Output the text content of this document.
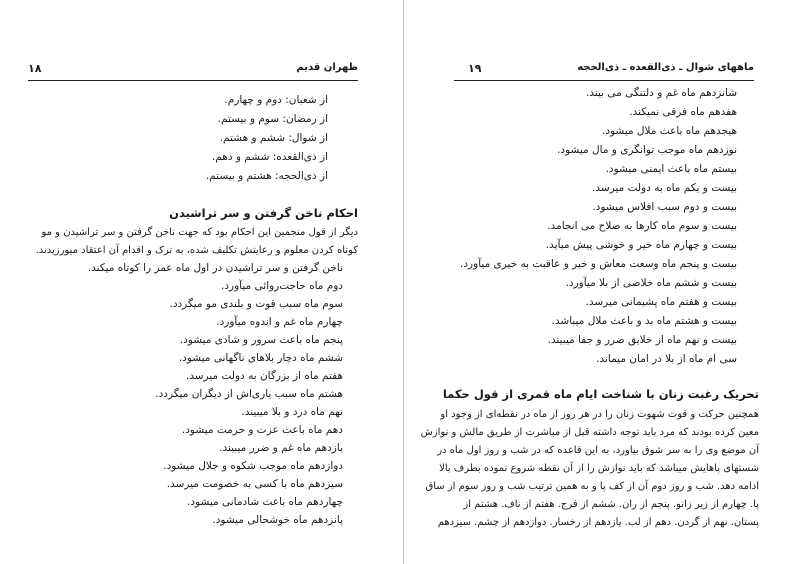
طهران قدیم
۱۸
از شعبان: دوم و چهارم.
از رمضان: سوم و بیستم.
از شوال: ششم و هشتم.
از ذی‌القعده: ششم و دهم.
از ذی‌الحجه: هشتم و بیستم.
احکام ناخن گرفتن و سر تراشیدن
دیگر از قول منجمین این احکام بود که جهت ناخن گرفتن و سر تراشیدن و مو
کوتاه کردن معلوم و رعایتش تکلیف شده، به ترک و اقدام آن اعتقاد میورزیدند.
ناخن گرفتن و سر تراشیدن در اول ماه عمر را کوتاه میکند.
دوم ماه حاجت‌روائی میآورد.
سوم ماه سبب قوت و بلندی مو میگردد.
چهارم ماه غم و اندوه میآورد.
پنجم ماه باعث سرور و شادی میشود.
ششم ماه دچار بلاهای ناگهانی میشود.
هفتم ماه از بزرگان به دولت میرسد.
هشتم ماه سبب یاری‌اش از دیگران میگردد.
نهم ماه درد و بلا میبیند.
دهم ماه باعث عزت و حرمت میشود.
یازدهم ماه غم و ضرر میبیند.
دوازدهم ماه موجب شکوه و جلال میشود.
سیزدهم ماه با کسی به خصومت میرسد.
چهاردهم ماه باعث شادمانی میشود.
پانزدهم ماه خوشحالی میشود.
ماههای شوال ـ ذی‌القعده ـ ذی‌الحجه
۱۹
شانزدهم ماه غم و دلتنگی می بیند.
هفدهم ماه فرقی نمیکند.
هیجدهم ماه باعث ملال میشود.
نوزدهم ماه موجب توانگری و مال میشود.
بیستم ماه باعث ایمنی میشود.
بیست و یکم ماه به دولت میرسد.
بیست و دوم سبب افلاس میشود.
بیست و سوم ماه کارها به صلاح می انجامد.
بیست و چهارم ماه خیر و خوشی پیش میآید.
بیست و پنجم ماه وسعت معاش و خیر و عاقبت به خیری میآورد.
بیست و ششم ماه خلاصی از بلا میآورد.
بیست و هفتم ماه پشیمانی میرسد.
بیست و هشتم ماه بد و باعث ملال میباشد.
بیست و نهم ماه از خلایق ضرر و جفا میبیند.
سی ام ماه از بلا در امان میماند.
تحریک رغبت زنان با شناخت ایام ماه قمری از قول حکما
همچنین حرکت و قوت شهوت زنان را در هر روز از ماه در نقطه‌ای از وجود او
معین کرده بودند که مرد باید توجه داشته قبل از مباشرت از طریق مالش و نوازش
آن موضع وی را به سر شوق بیاورد، به این قاعده که در شب و روز اول ماه در
شستهای پاهایش میباشد که باید نوازش را از آن نقطه شروع نموده بطرف بالا
ادامه دهد. شب و روز دوم آن از کف پا و به همین ترتیب شب و روز سوم از ساق
پا. چهارم از زیر زانو. پنجم از ران. ششم از فرج. هفتم از ناف. هشتم از
پستان. نهم از گردن. دهم از لب. یازدهم از رخسار. دوازدهم از چشم. سیزدهم
